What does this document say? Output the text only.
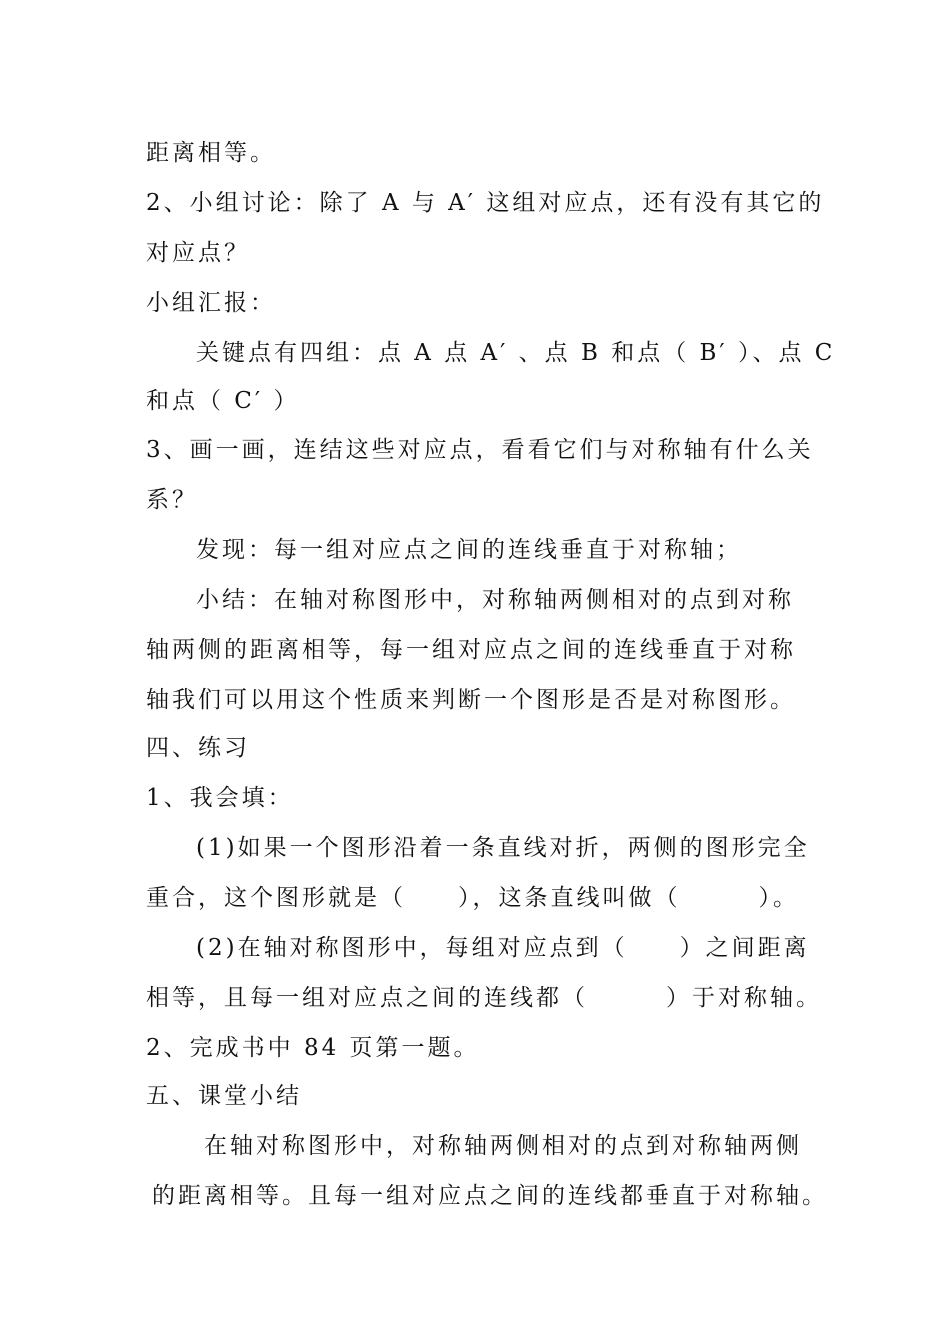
距离相等。
2、小组讨论：除了 A 与 A′ 这组对应点，还有没有其它的
对应点？
小组汇报：
关键点有四组：点 A 点 A′ 、点 B 和点（ B′ ）、点 C
和点（ C′ ）
3、画一画，连结这些对应点，看看它们与对称轴有什么关
系？
发现：每一组对应点之间的连线垂直于对称轴；
小结：在轴对称图形中，对称轴两侧相对的点到对称
轴两侧的距离相等，每一组对应点之间的连线垂直于对称
轴我们可以用这个性质来判断一个图形是否是对称图形。
四、练习
1、我会填：
(1)如果一个图形沿着一条直线对折，两侧的图形完全
重合，这个图形就是（　　），这条直线叫做（　　　）。
(2)在轴对称图形中，每组对应点到（　　）之间距离
相等，且每一组对应点之间的连线都（　　　）于对称轴。
2、完成书中 84 页第一题。
五、课堂小结
在轴对称图形中，对称轴两侧相对的点到对称轴两侧
的距离相等。且每一组对应点之间的连线都垂直于对称轴。
